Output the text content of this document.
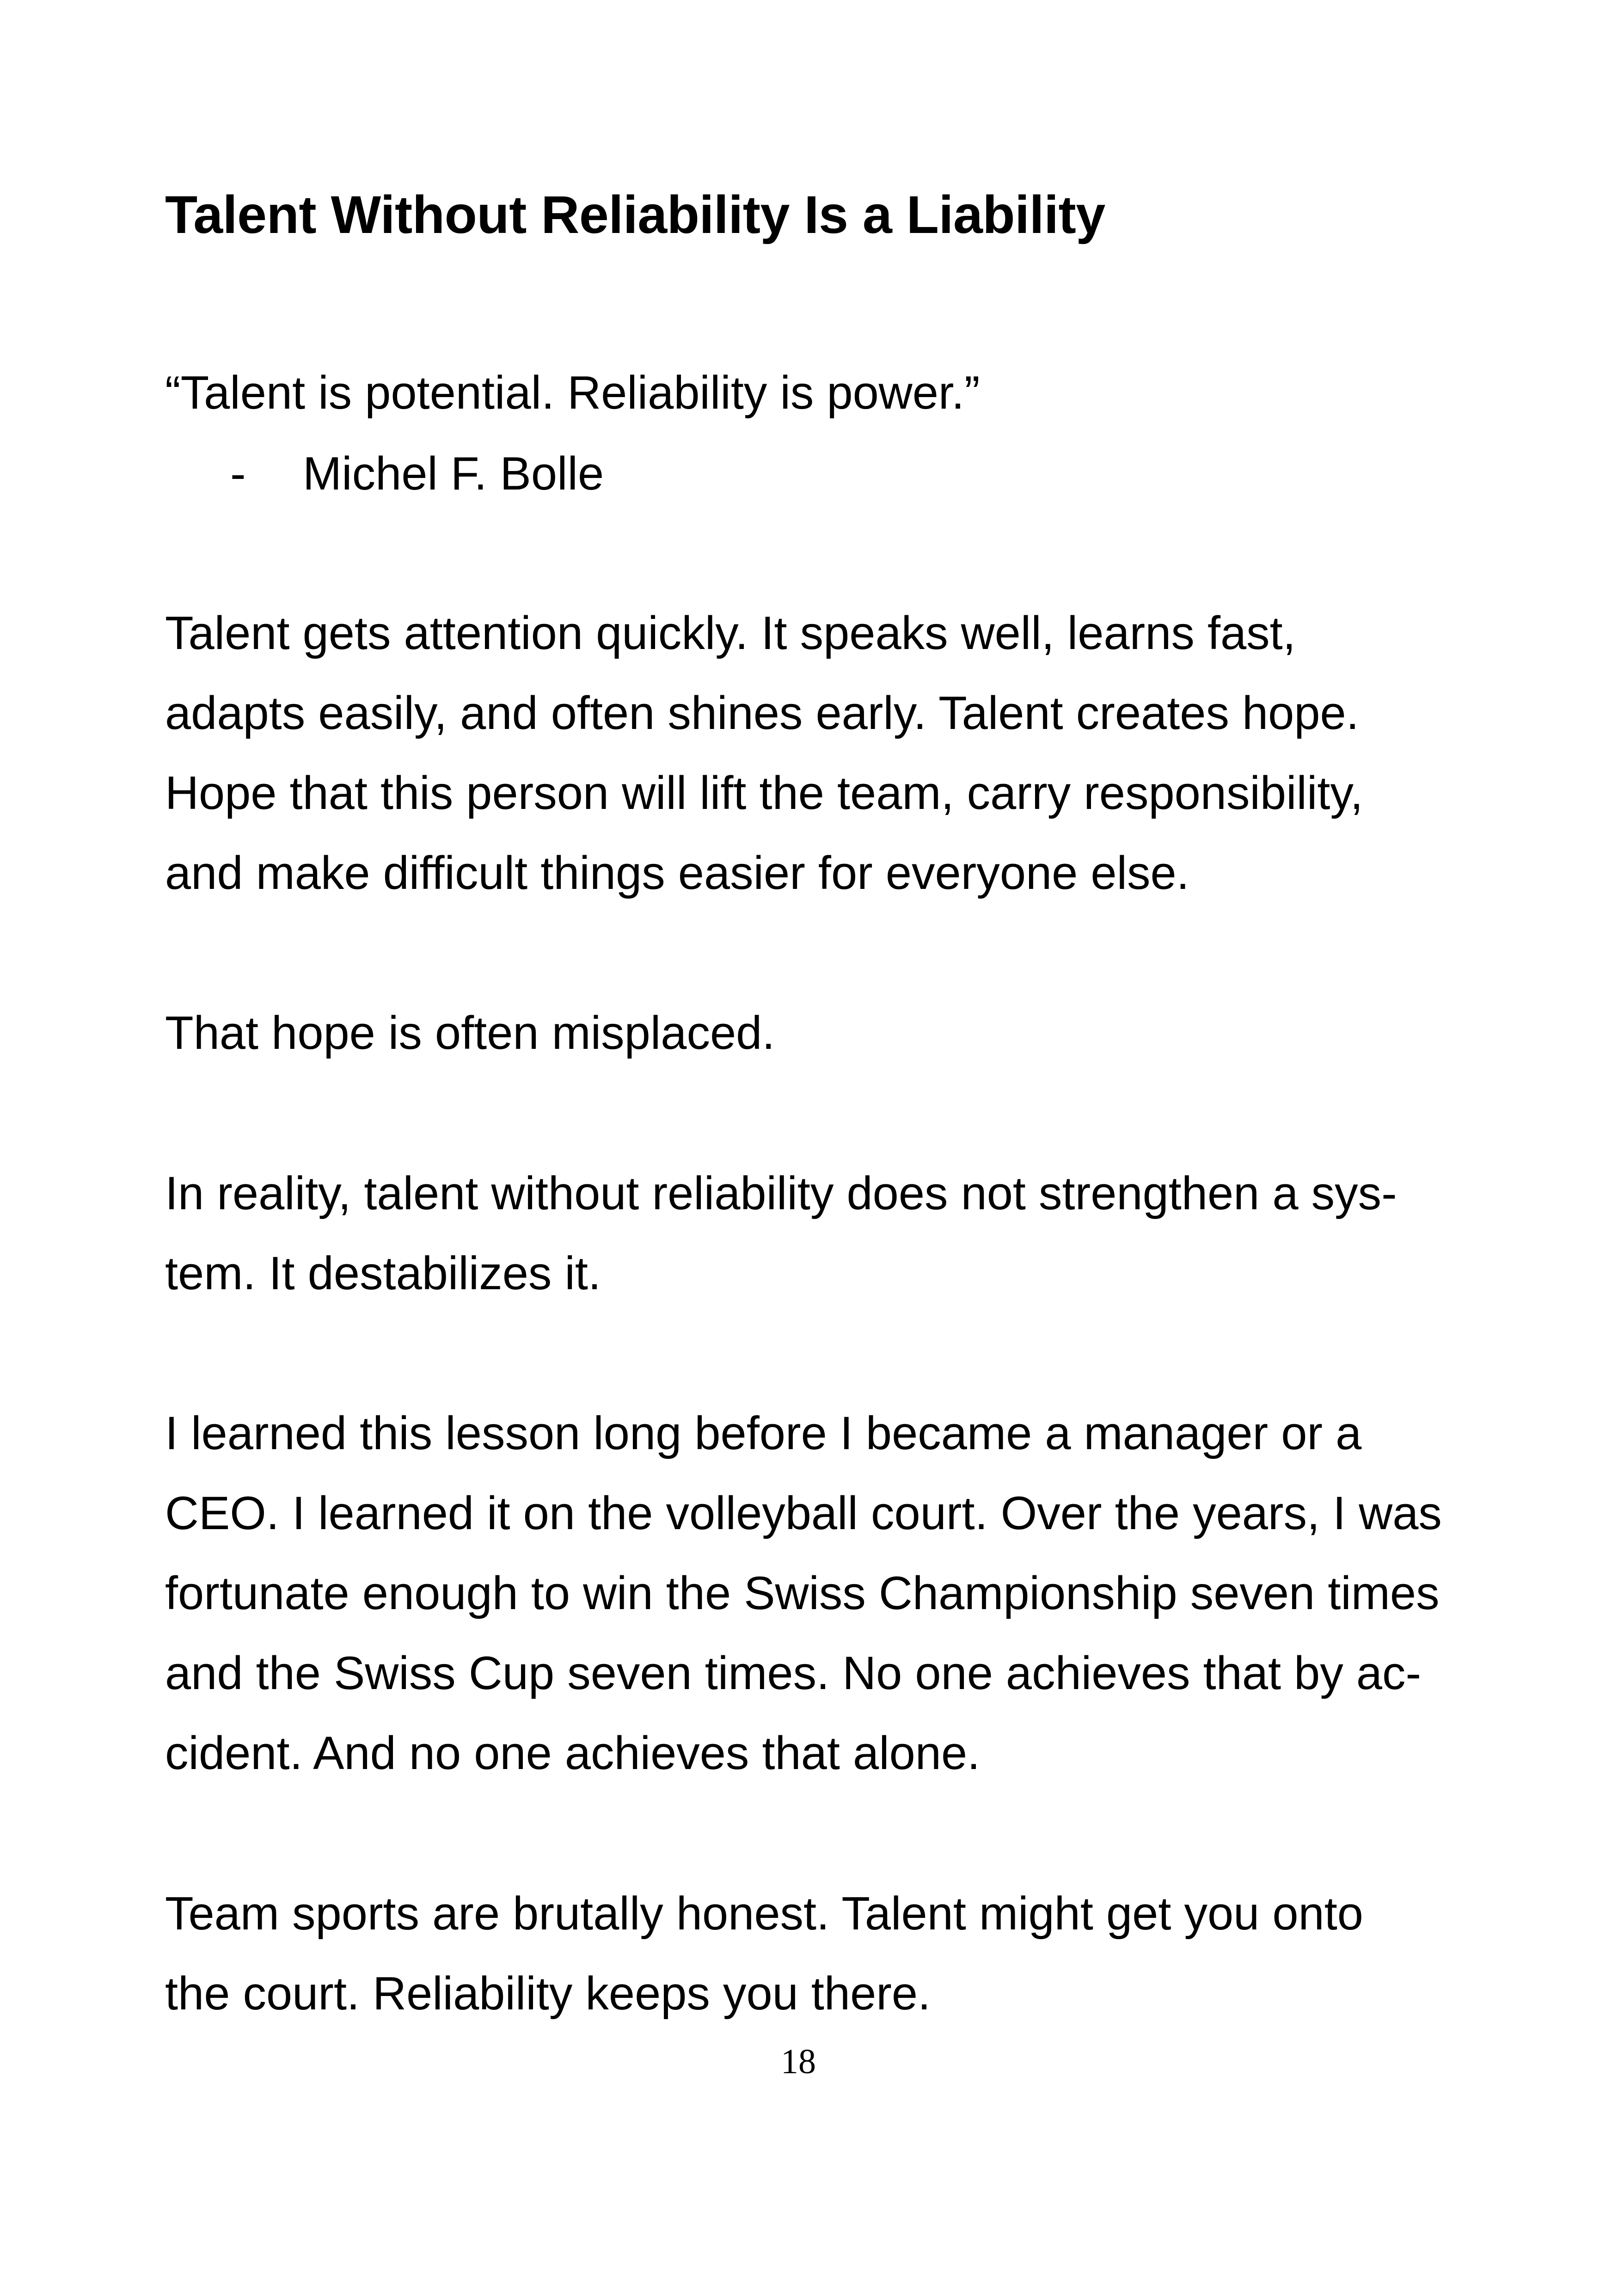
Talent Without Reliability Is a Liability

“Talent is potential. Reliability is power.”

- Michel F. Bolle

Talent gets attention quickly. It speaks well, learns fast,

adapts easily, and often shines early. Talent creates hope.

Hope that this person will lift the team, carry responsibility,

and make difficult things easier for everyone else.

That hope is often misplaced.

In reality, talent without reliability does not strengthen a sys-

tem. It destabilizes it.

I learned this lesson long before I became a manager or a

CEO. I learned it on the volleyball court. Over the years, I was

fortunate enough to win the Swiss Championship seven times

and the Swiss Cup seven times. No one achieves that by ac-

cident. And no one achieves that alone.

Team sports are brutally honest. Talent might get you onto

the court. Reliability keeps you there.

18
